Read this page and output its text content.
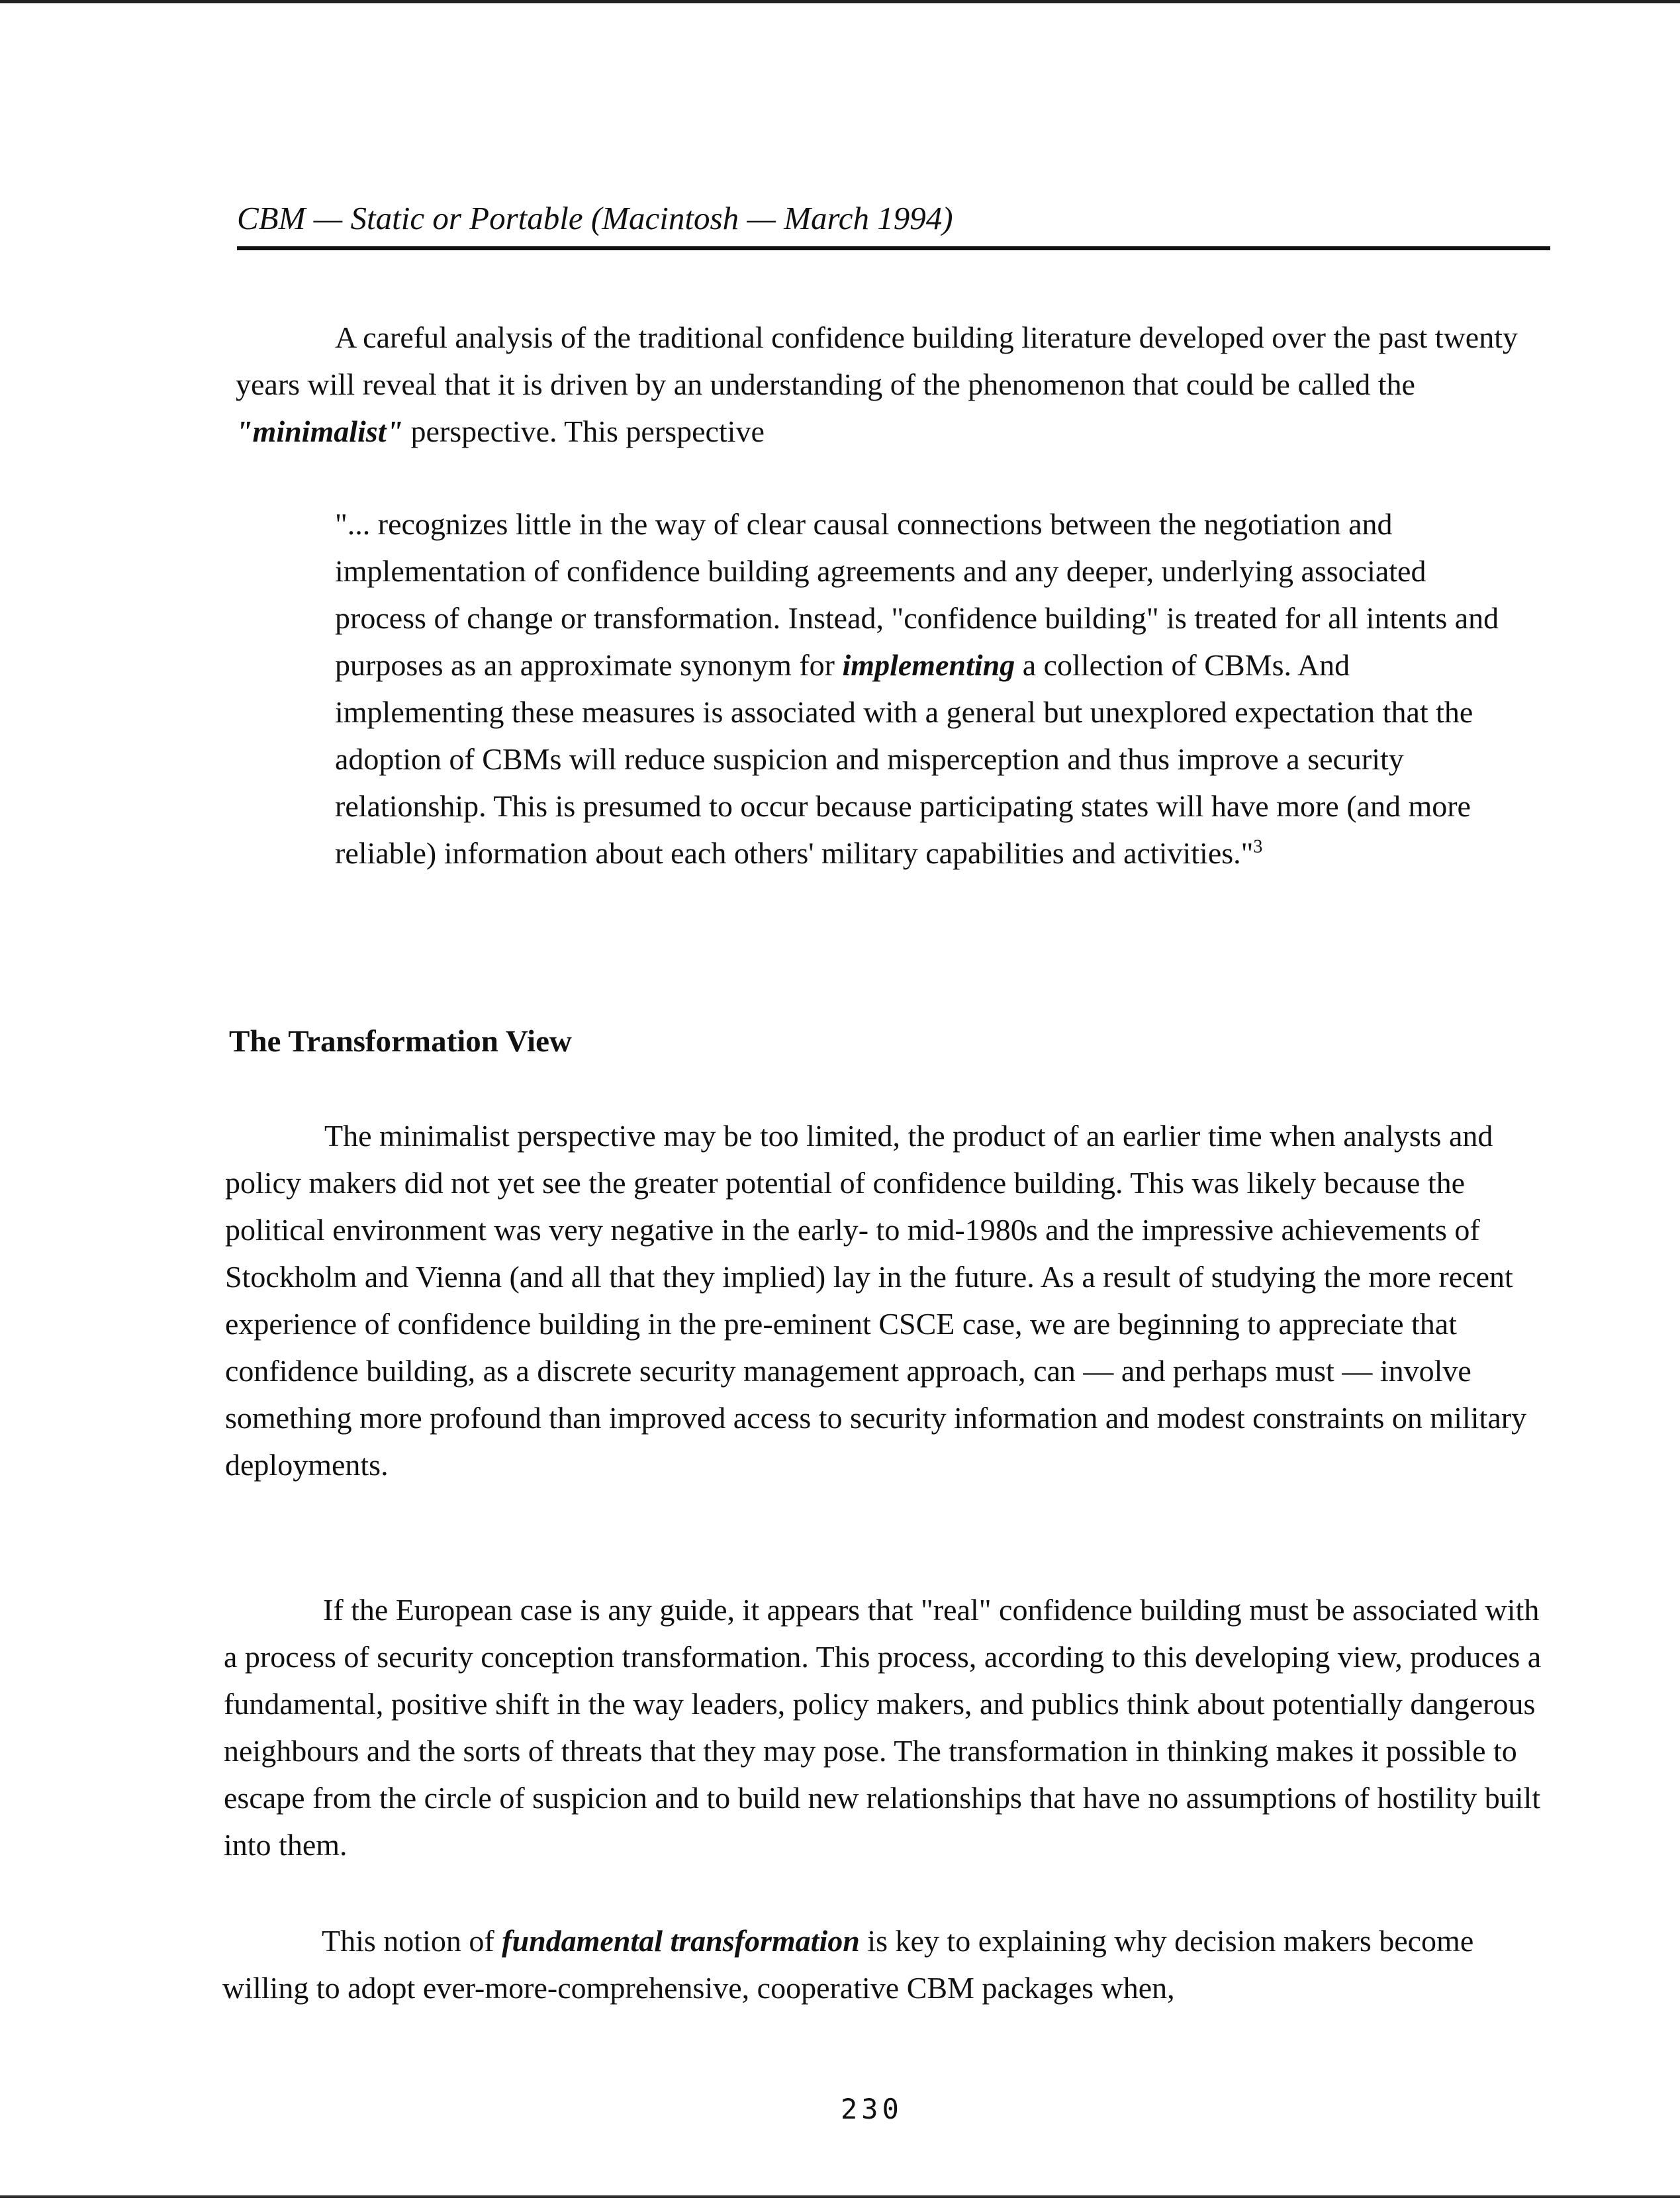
CBM — Static or Portable (Macintosh — March 1994)

A careful analysis of the traditional confidence building literature developed over the past twenty years will reveal that it is driven by an understanding of the phenomenon that could be called the "minimalist" perspective. This perspective

"... recognizes little in the way of clear causal connections between the negotiation and implementation of confidence building agreements and any deeper, underlying associated process of change or transformation. Instead, "confidence building" is treated for all intents and purposes as an approximate synonym for implementing a collection of CBMs. And implementing these measures is associated with a general but unexplored expectation that the adoption of CBMs will reduce suspicion and misperception and thus improve a security relationship. This is presumed to occur because participating states will have more (and more reliable) information about each others' military capabilities and activities."$^3$

The Transformation View

The minimalist perspective may be too limited, the product of an earlier time when analysts and policy makers did not yet see the greater potential of confidence building. This was likely because the political environment was very negative in the early- to mid-1980s and the impressive achievements of Stockholm and Vienna (and all that they implied) lay in the future. As a result of studying the more recent experience of confidence building in the pre-eminent CSCE case, we are beginning to appreciate that confidence building, as a discrete security management approach, can — and perhaps must — involve something more profound than improved access to security information and modest constraints on military deployments.

If the European case is any guide, it appears that "real" confidence building must be associated with a process of security conception transformation. This process, according to this developing view, produces a fundamental, positive shift in the way leaders, policy makers, and publics think about potentially dangerous neighbours and the sorts of threats that they may pose. The transformation in thinking makes it possible to escape from the circle of suspicion and to build new relationships that have no assumptions of hostility built into them.

This notion of fundamental transformation is key to explaining why decision makers become willing to adopt ever-more-comprehensive, cooperative CBM packages when,

230
